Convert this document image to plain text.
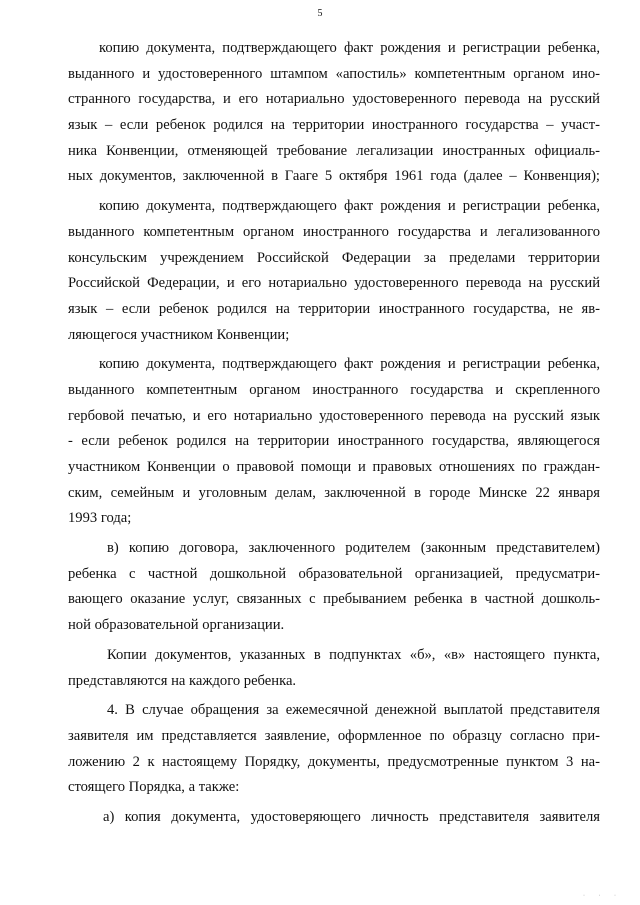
5
копию документа, подтверждающего факт рождения и регистрации ребенка,
выданного и удостоверенного штампом «апостиль» компетентным органом ино-
странного государства, и его нотариально удостоверенного перевода на русский
язык – если ребенок родился на территории иностранного государства – участ-
ника Конвенции, отменяющей требование легализации иностранных официаль-
ных документов, заключенной в Гааге 5 октября 1961 года (далее – Конвенция);
копию документа, подтверждающего факт рождения и регистрации ребенка,
выданного компетентным органом иностранного государства и легализованного
консульским учреждением Российской Федерации за пределами территории
Российской Федерации, и его нотариально удостоверенного перевода на русский
язык – если ребенок родился на территории иностранного государства, не яв-
ляющегося участником Конвенции;
копию документа, подтверждающего факт рождения и регистрации ребенка,
выданного компетентным органом иностранного государства и скрепленного
гербовой печатью, и его нотариально удостоверенного перевода на русский язык
- если ребенок родился на территории иностранного государства, являющегося
участником Конвенции о правовой помощи и правовых отношениях по граждан-
ским, семейным и уголовным делам, заключенной в городе Минске 22 января
1993 года;
в) копию договора, заключенного родителем (законным представителем)
ребенка с частной дошкольной образовательной организацией, предусматри-
вающего оказание услуг, связанных с пребыванием ребенка в частной дошколь-
ной образовательной организации.
Копии документов, указанных в подпунктах «б», «в» настоящего пункта,
представляются на каждого ребенка.
4. В случае обращения за ежемесячной денежной выплатой представителя
заявителя им представляется заявление, оформленное по образцу согласно при-
ложению 2 к настоящему Порядку, документы, предусмотренные пунктом 3 на-
стоящего Порядка, а также:
а) копия документа, удостоверяющего личность представителя заявителя
· · ·
